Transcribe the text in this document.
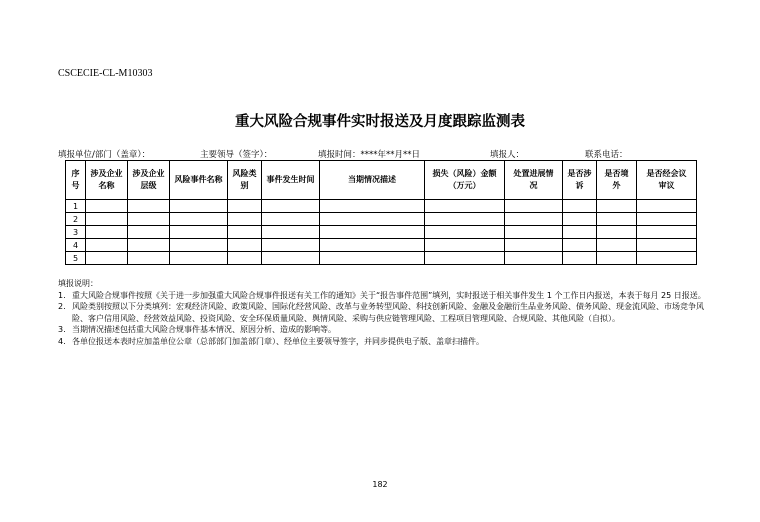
CSCECIE-CL-M10303
重大风险合规事件实时报送及月度跟踪监测表
填报单位/部门（盖章）：	主要领导（签字）：	填报时间：****年**月**日	填报人：	联系电话：
序号	涉及企业名称	涉及企业层级	风险事件名称	风险类别	事件发生时间	当期情况描述	损失（风险）金额（万元）	处置进展情况	是否涉诉	是否境外	是否经会议审议
1											
2											
3											
4											
5											
填报说明：
1. 重大风险合规事件按照《关于进一步加强重大风险合规事件报送有关工作的通知》关于“报告事件范围”填列，实时报送于相关事件发生 1 个工作日内报送，本表于每月 25 日报送。
2. 风险类别按照以下分类填列：宏观经济风险、政策风险、国际化经营风险、改革与业务转型风险、科技创新风险、金融及金融衍生品业务风险、债务风险、现金流风险、市场竞争风险、客户信用风险、经营效益风险、投资风险、安全环保质量风险、舆情风险、采购与供应链管理风险、工程项目管理风险、合规风险、其他风险（自拟）。
3. 当期情况描述包括重大风险合规事件基本情况、原因分析、造成的影响等。
4. 各单位报送本表时应加盖单位公章（总部部门加盖部门章）、经单位主要领导签字，并同步提供电子版、盖章扫描件。
182
